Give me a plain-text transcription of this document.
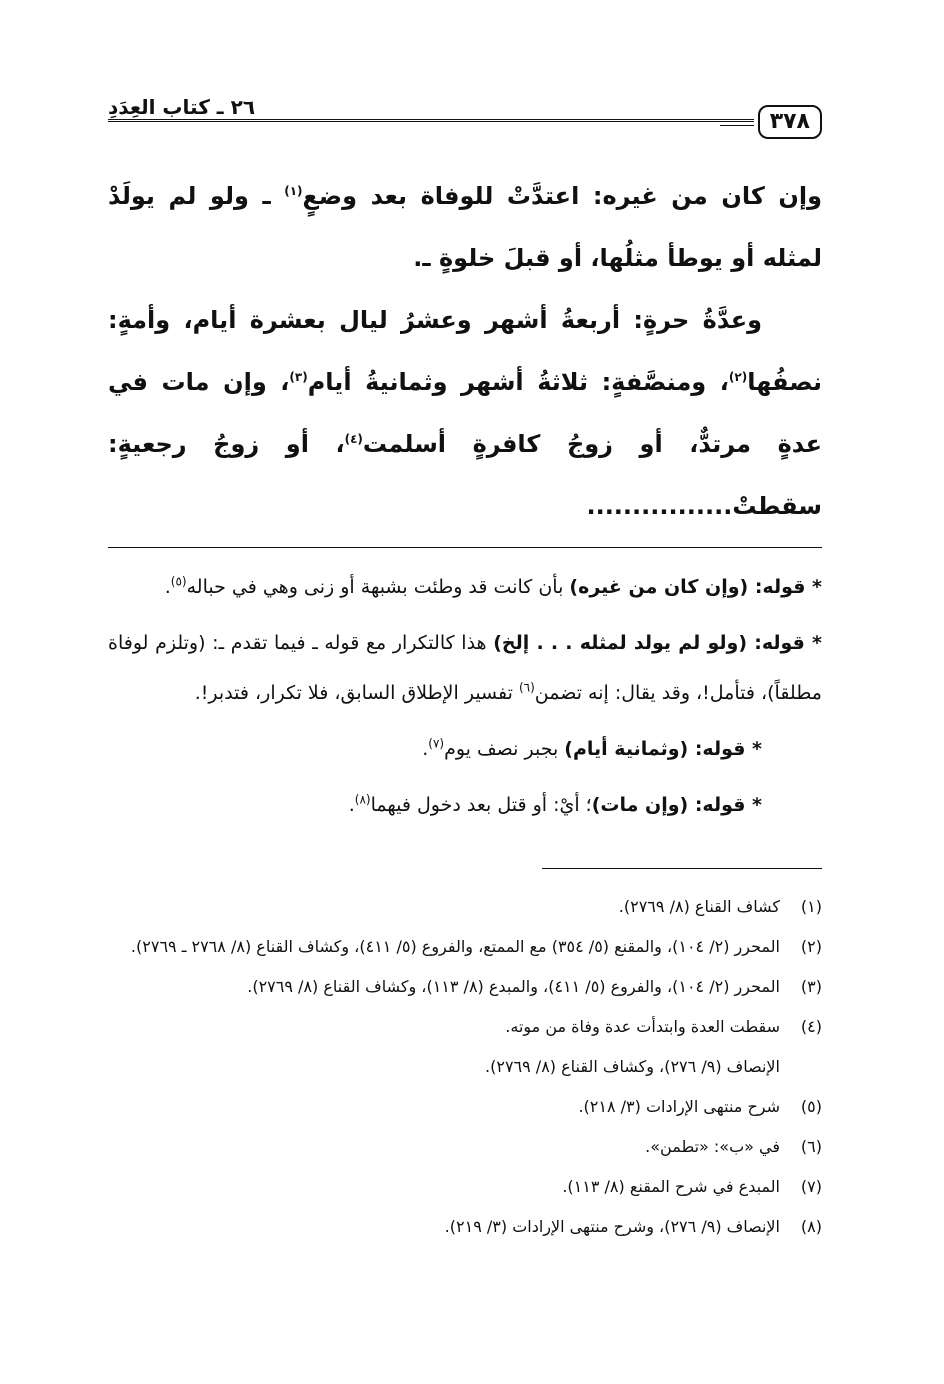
٣٧٨
٢٦ ـ كتاب العِدَدِ

وإن كان من غيره: اعتدَّتْ للوفاة بعد وضعٍ$^{(١)}$ ـ ولو لم يولَدْ لمثله أو يوطأ مثلُها، أو قبلَ خلوةٍ ـ.

وعدَّةُ حرةٍ: أربعةُ أشهر وعشرُ ليال بعشرة أيام، وأمةٍ: نصفُها$^{(٢)}$، ومنصَّفةٍ: ثلاثةُ أشهر وثمانيةُ أيام$^{(٣)}$، وإن مات في عدةٍ مرتدٌّ، أو زوجُ كافرةٍ أسلمت$^{(٤)}$، أو زوجُ رجعيةٍ: سقطتْ................

* قوله: (وإن كان من غيره) بأن كانت قد وطئت بشبهة أو زنى وهي في حباله$^{(٥)}$.

* قوله: (ولو لم يولد لمثله . . . إلخ) هذا كالتكرار مع قوله ـ فيما تقدم ـ: (وتلزم لوفاة مطلقاً)، فتأمل!، وقد يقال: إنه تضمن$^{(٦)}$ تفسير الإطلاق السابق، فلا تكرار، فتدبر!.

* قوله: (وثمانية أيام) بجبر نصف يوم$^{(٧)}$.

* قوله: (وإن مات)؛ أيْ: أو قتل بعد دخول فيهما$^{(٨)}$.

(١)
كشاف القناع (٨/ ٢٧٦٩).
(٢)
المحرر (٢/ ١٠٤)، والمقنع (٥/ ٣٥٤) مع الممتع، والفروع (٥/ ٤١١)، وكشاف القناع (٨/ ٢٧٦٨ ـ ٢٧٦٩).
(٣)
المحرر (٢/ ١٠٤)، والفروع (٥/ ٤١١)، والمبدع (٨/ ١١٣)، وكشاف القناع (٨/ ٢٧٦٩).
(٤)
سقطت العدة وابتدأت عدة وفاة من موته.
الإنصاف (٩/ ٢٧٦)، وكشاف القناع (٨/ ٢٧٦٩).
(٥)
شرح منتهى الإرادات (٣/ ٢١٨).
(٦)
في «ب»: «تطمن».
(٧)
المبدع في شرح المقنع (٨/ ١١٣).
(٨)
الإنصاف (٩/ ٢٧٦)، وشرح منتهى الإرادات (٣/ ٢١٩).
